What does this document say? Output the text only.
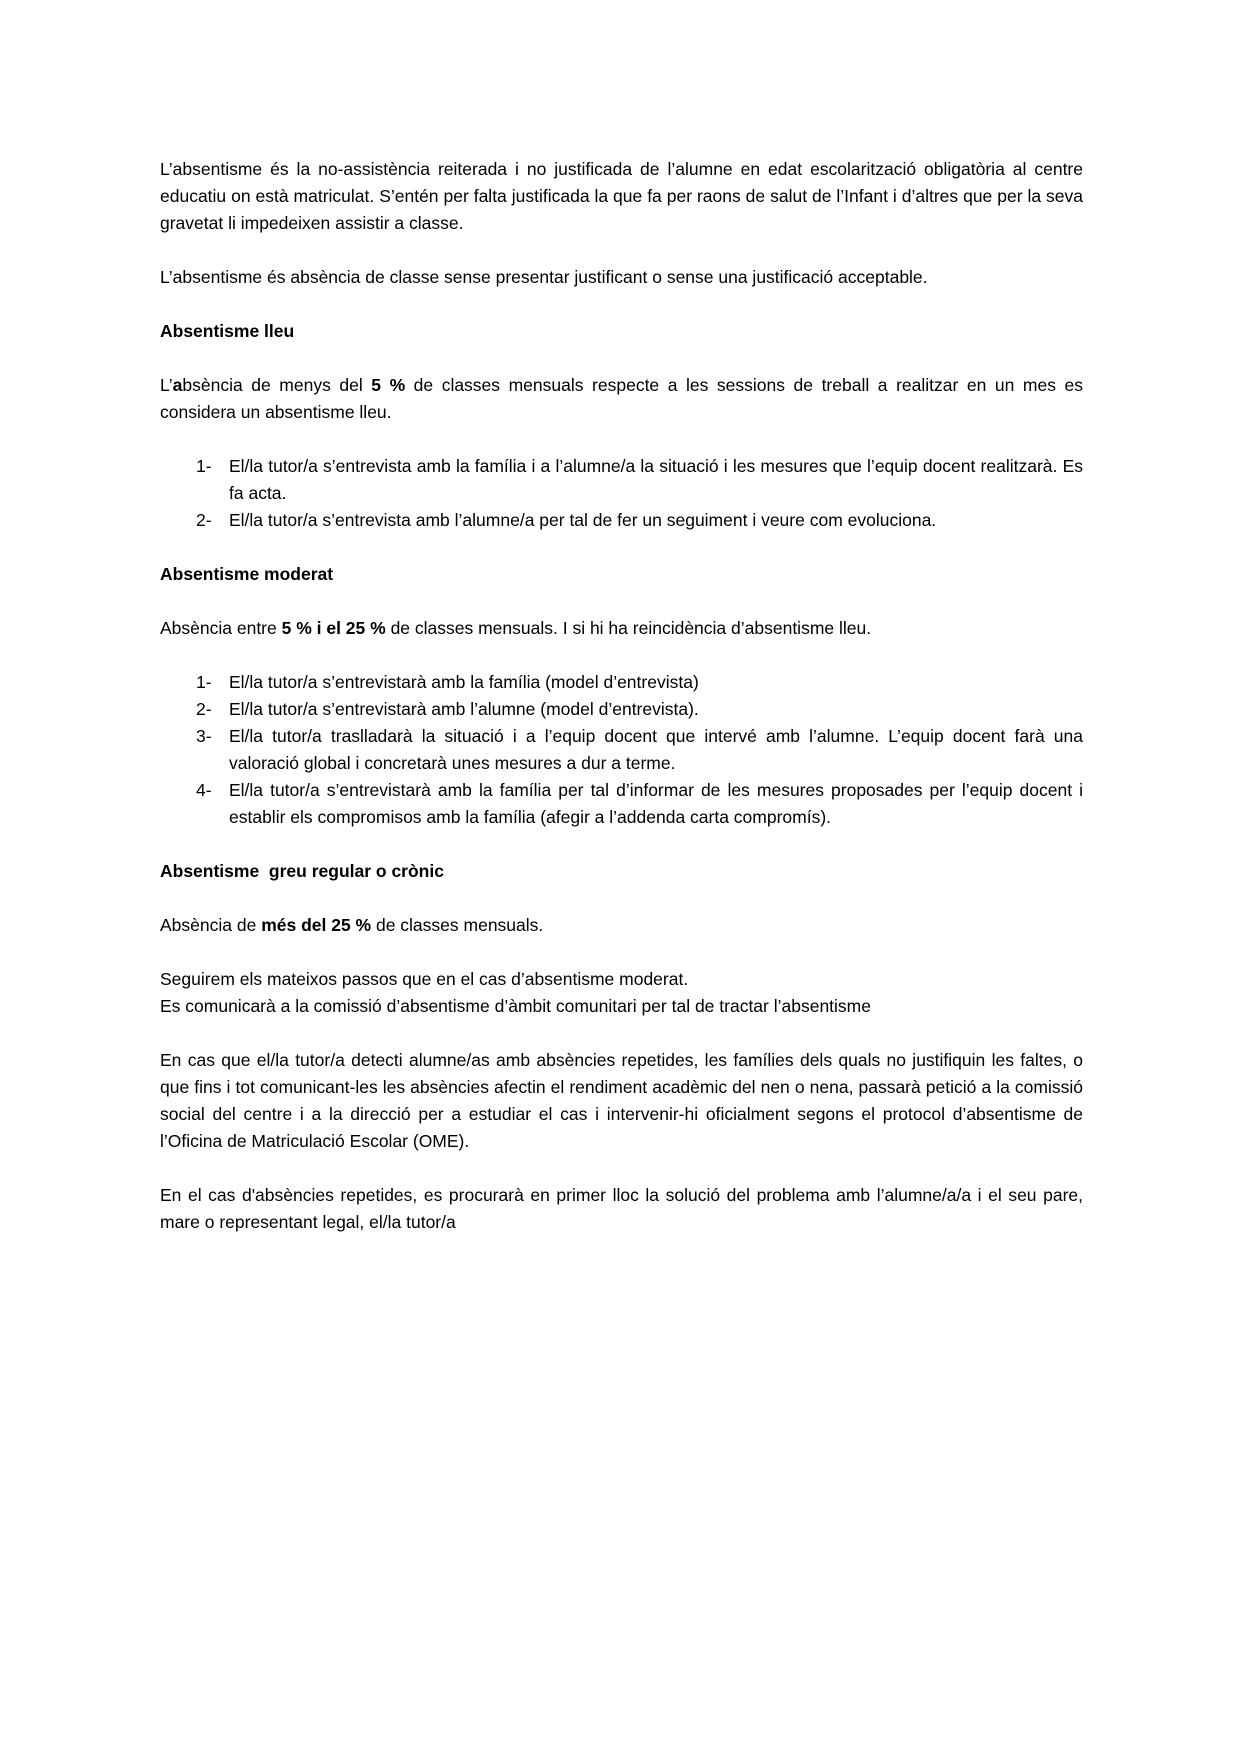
L’absentisme és la no-assistència reiterada i no justificada de l’alumne en edat escolarització obligatòria al centre educatiu on està matriculat. S’entén per falta justificada la que fa per raons de salut de l’Infant i d’altres que per la seva gravetat li impedeixen assistir a classe.

L’absentisme és absència de classe sense presentar justificant o sense una justificació acceptable.

Absentisme lleu

L’absència de menys del 5 % de classes mensuals respecte a les sessions de treball a realitzar en un mes es considera un absentisme lleu.

1- El/la tutor/a s’entrevista amb la família i a l’alumne/a la situació i les mesures que l’equip docent realitzarà. Es fa acta.
2- El/la tutor/a s’entrevista amb l’alumne/a per tal de fer un seguiment i veure com evoluciona.
Absentisme moderat

Absència entre 5 % i el 25 % de classes mensuals. I si hi ha reincidència d’absentisme lleu.

1- El/la tutor/a s’entrevistarà amb la família (model d’entrevista)
2- El/la tutor/a s’entrevistarà amb l’alumne (model d’entrevista).
3- El/la tutor/a traslladarà la situació i a l’equip docent que intervé amb l’alumne. L’equip docent farà una valoració global i concretarà unes mesures a dur a terme.
4- El/la tutor/a s’entrevistarà amb la família per tal d’informar de les mesures proposades per l’equip docent i establir els compromisos amb la família (afegir a l’addenda carta compromís).
Absentisme  greu regular o crònic

Absència de més del 25 % de classes mensuals.

Seguirem els mateixos passos que en el cas d’absentisme moderat.
Es comunicarà a la comissió d’absentisme d’àmbit comunitari per tal de tractar l’absentisme

En cas que el/la tutor/a detecti alumne/as amb absències repetides, les famílies dels quals no justifiquin les faltes, o que fins i tot comunicant-les les absències afectin el rendiment acadèmic del nen o nena, passarà petició a la comissió social del centre i a la direcció per a estudiar el cas i intervenir-hi oficialment segons el protocol d’absentisme de l’Oficina de Matriculació Escolar (OME).

En el cas d'absències repetides, es procurarà en primer lloc la solució del problema amb l’alumne/a/a i el seu pare, mare o representant legal, el/la tutor/a
